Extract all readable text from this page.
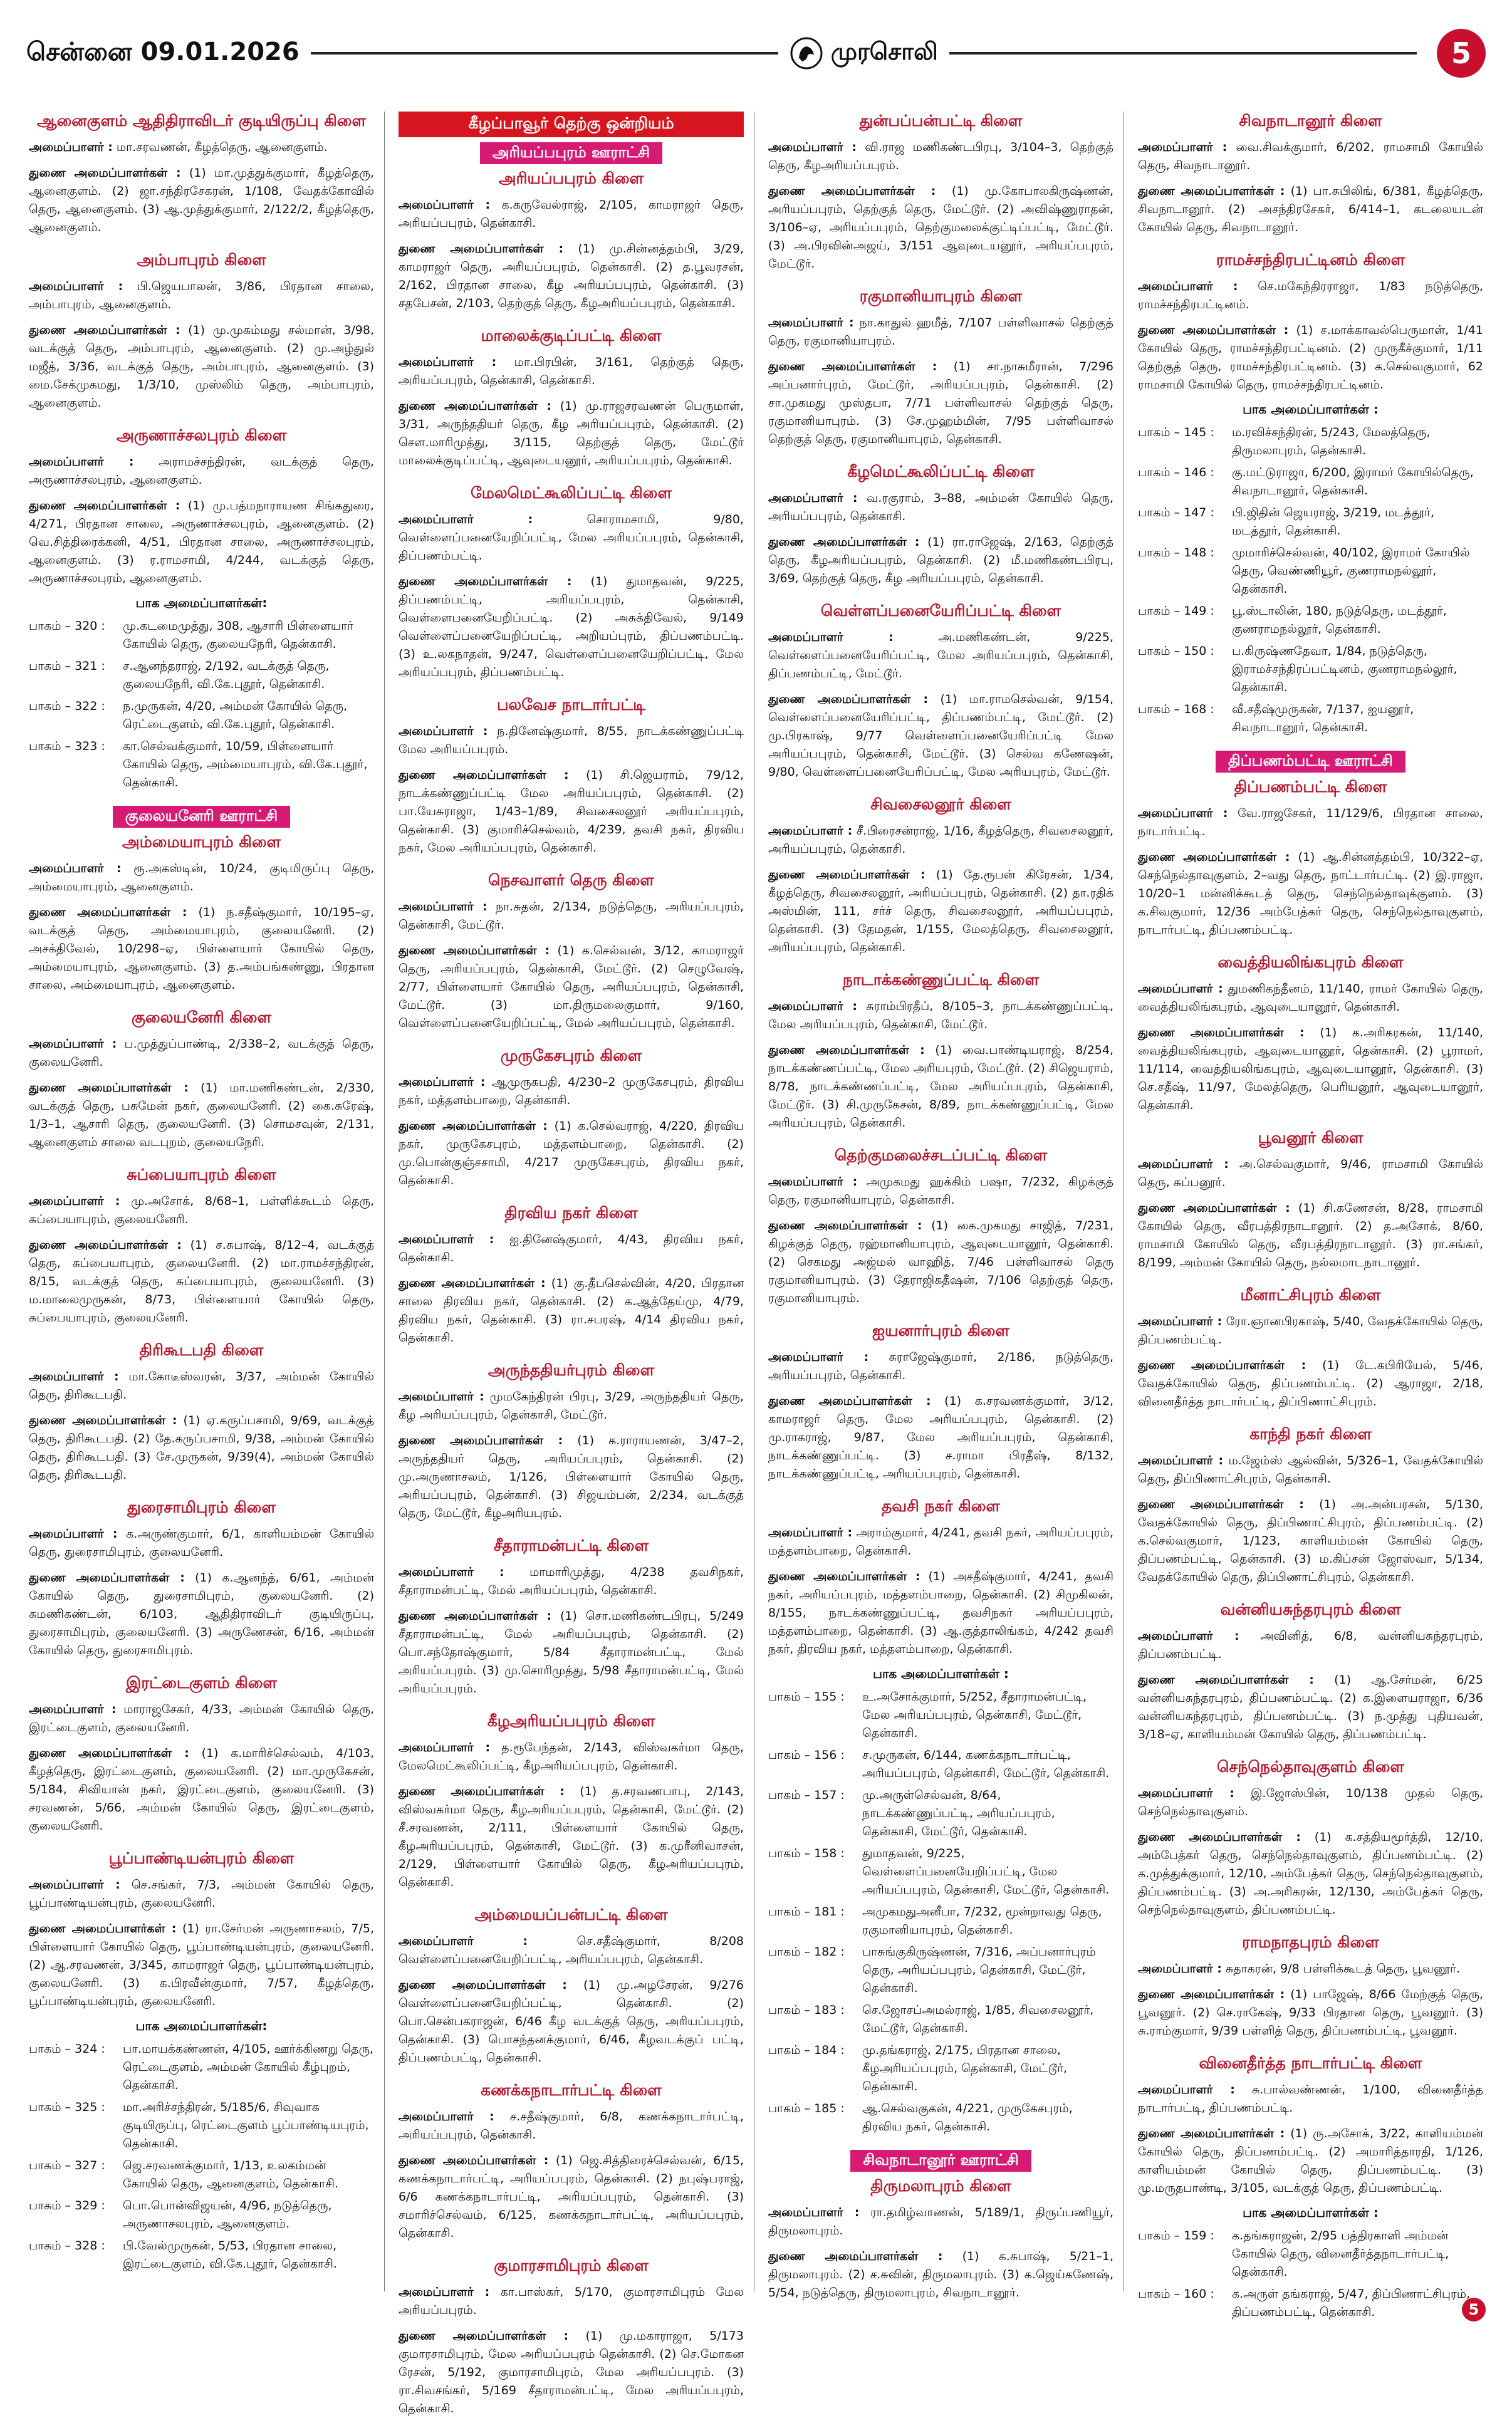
சென்னை 09.01.2026	முரசொலி	5
ஆனைகுளம் ஆதிதிராவிடர் குடியிருப்பு கிளை

அமைப்பாளர் : மா.சரவணன், கீழத்தெரு, ஆனைகுளம்.

துணை அமைப்பாளர்கள் : (1) மா.முத்துக்குமார், கீழத்தெரு, ஆனைகுளம். (2) ஜா.சந்திரசேகரன், 1/108, வேதக்கோவில் தெரு, ஆனைகுளம். (3) ஆ.முத்துக்குமார், 2/122/2, கீழத்தெரு, ஆனைகுளம்.

அம்பாபுரம் கிளை

அமைப்பாளர் : பி.ஜெயபாலன், 3/86, பிரதான சாலை, அம்பாபுரம், ஆனைகுளம்.

துணை அமைப்பாளர்கள் : (1) மு.முகம்மது சல்மான், 3/98, வடக்குத் தெரு, அம்பாபுரம், ஆனைகுளம். (2) மு.அழ்துல் மஜீத், 3/36, வடக்குத் தெரு, அம்பாபுரம், ஆனைகுளம். (3) மை.சேக்முகமது, 1/3/10, முஸ்லிம் தெரு, அம்பாபுரம், ஆனைகுளம்.

அருணாச்சலபுரம் கிளை

அமைப்பாளர் : அராமச்சந்திரன், வடக்குத் தெரு, அருணாச்சலபுரம், ஆனைகுளம்.

துணை அமைப்பாளர்கள் : (1) மு.பத்மநாராயண சிங்கதுரை, 4/271, பிரதான சாலை, அருணாச்சலபுரம், ஆனைகுளம். (2) வெ.சித்திரைக்கனி, 4/51, பிரதான சாலை, அருணாச்சலபுரம், ஆனைகுளம். (3) ர.ராமசாமி, 4/244, வடக்குத் தெரு, அருணாச்சலபுரம், ஆனைகுளம்.

பாக அமைப்பாளர்கள்:
பாகம் – 320 :	மு.கடமைமுத்து, 308, ஆசாரி பிள்ளையார் கோயில் தெரு, குலையநேரி, தென்காசி.
பாகம் – 321 :	ச.ஆனந்தராஜ், 2/192, வடக்குத் தெரு, குலையநேரி, வி.கே.புதூர், தென்காசி.
பாகம் – 322 :	ந.முருகன், 4/20, அம்மன் கோயில் தெரு, ரெட்டைகுளம், வி.கே.புதூர், தென்காசி.
பாகம் – 323 :	கா.செல்வக்குமார், 10/59, பிள்ளையார் கோயில் தெரு, அம்மையாபுரம், வி.கே.புதூர், தென்காசி.
குலையனேரி ஊராட்சி
அம்மையாபுரம் கிளை

அமைப்பாளர் : ரூ.அகஸ்டின், 10/24, குடிமிருப்பு தெரு, அம்மையாபுரம், ஆனைகுளம்.

துணை அமைப்பாளர்கள் : (1) ந.சதீஷ்குமார், 10/195–ஏ, வடக்குத் தெரு, அம்மையாபுரம், குலையனேரி. (2) அசக்திவேல், 10/298–ஏ, பிள்ளையார் கோயில் தெரு, அம்மையாபுரம், ஆனைகுளம். (3) த.அம்பங்கண்ணு, பிரதான சாலை, அம்மையாபுரம், ஆனைகுளம்.

குலையனேரி கிளை

அமைப்பாளர் : ப.முத்துப்பாண்டி, 2/338–2, வடக்குத் தெரு, குலையனேரி.

துணை அமைப்பாளர்கள் : (1) மா.மணிகண்டன், 2/330, வடக்குத் தெரு, பசுமேன் நகர், குலையனேரி. (2) கை.சுரேஷ், 1/3–1, ஆசாரி தெரு, குலையனேரி. (3) சொமசவுன், 2/131, ஆனைகுளம் சாலை வடபுறம், குலையநேரி.

சுப்பையாபுரம் கிளை

அமைப்பாளர் : மு.அசோக், 8/68–1, பள்ளிக்கூடம் தெரு, சுப்பையாபுரம், குலையனேரி.

துணை அமைப்பாளர்கள் : (1) ச.சுபாஷ், 8/12–4, வடக்குத் தெரு, சுப்பையாபுரம், குலையனேரி. (2) மா.ராமச்சந்திரன், 8/15, வடக்குத் தெரு, சுப்பையாபுரம், குலையனேரி. (3) ம.மாலைமுருகன், 8/73, பிள்ளையார் கோயில் தெரு, சுப்பையாபுரம், குலையனேரி.

திரிகூடபதி கிளை

அமைப்பாளர் : மா.கோடீஸ்வரன், 3/37, அம்மன் கோயில் தெரு, திரிகூடபதி.

துணை அமைப்பாளர்கள் : (1) ஏ.கருப்பசாமி, 9/69, வடக்குத் தெரு, திரிகூடபதி. (2) தே.கருப்பசாமி, 9/38, அம்மன் கோயில் தெரு, திரிகூடபதி. (3) சே.முருகன், 9/39(4), அம்மன் கோயில் தெரு, திரிகூடபதி.

துரைசாமிபுரம் கிளை

அமைப்பாளர் : க.அருண்குமார், 6/1, காளியம்மன் கோயில் தெரு, துரைசாமிபுரம், குலையனேரி.

துணை அமைப்பாளர்கள் : (1) க.ஆனந்த், 6/61, அம்மன் கோயில் தெரு, துரைசாமிபுரம், குலையனேரி. (2) சுமணிகண்டன், 6/103, ஆதிதிராவிடர் குடியிருப்பு, துரைசாமிபுரம், குலையனேரி. (3) அருணேசன், 6/16, அம்மன் கோயில் தெரு, துரைசாமிபுரம்.

இரட்டைகுளம் கிளை

அமைப்பாளர் : மாராஜசேகர், 4/33, அம்மன் கோயில் தெரு, இரட்டைகுளம், குலையனேரி.

துணை அமைப்பாளர்கள் : (1) க.மாரிச்செல்வம், 4/103, கீழத்தெரு, இரட்டைகுளம், குலையனேரி. (2) மா.முருகேசன், 5/184, சிவியான் நகர், இரட்டைகுளம், குலையனேரி. (3) சரவணன், 5/66, அம்மன் கோயில் தெரு, இரட்டைகுளம், குலையனேரி.

பூப்பாண்டியன்புரம் கிளை

அமைப்பாளர் : செ.சங்கர், 7/3, அம்மன் கோயில் தெரு, பூப்பாண்டியன்புரம், குலையனேரி.

துணை அமைப்பாளர்கள் : (1) ரா.சேர்மன் அருணாசலம், 7/5, பிள்ளையார் கோயில் தெரு, பூப்பாண்டியன்புரம், குலையனேரி. (2) ஆ.சரவணன், 3/345, காமராஜர் தெரு, பூப்பாண்டியன்புரம், குலையனேரி. (3) க.பிரவீன்குமார், 7/57, கீழத்தெரு, பூப்பாண்டியன்புரம், குலையனேரி.

பாக அமைப்பாளர்கள்:
பாகம் – 324 :	பா.மாயக்கண்ணன், 4/105, ஊர்க்கிணறு தெரு, ரெட்டைகுளம், அம்மன் கோயில் கீழ்புறம், தென்காசி.
பாகம் – 325 :	மா.அரிச்சந்திரன், 5/185/6, சிவுவாக குடியிருப்பு, ரெட்டைகுளம் பூப்பாண்டியபுரம், தென்காசி.
பாகம் – 327 :	ஜெ.சரவணக்குமார், 1/13, உலகம்மன் கோயில் தெரு, ஆனைகுளம், தென்காசி.
பாகம் – 329 :	பொ.பொன்விஜயன், 4/96, நடுத்தெரு, அருணாசலபுரம், ஆனைகுளம்.
பாகம் – 328 :	பி.வேல்முருகன், 5/53, பிரதான சாலை, இரட்டைகுளம், வி.கே.புதூர், தென்காசி.
கீழப்பாவூர் தெற்கு ஒன்றியம்
அரியப்பபுரம் ஊராட்சி
அரியப்பபுரம் கிளை

அமைப்பாளர் : க.கருவேல்ராஜ், 2/105, காமராஜர் தெரு, அரியப்பபுரம், தென்காசி.

துணை அமைப்பாளர்கள் : (1) மு.சின்னத்தம்பி, 3/29, காமராஜர் தெரு, அரியப்பபுரம், தென்காசி. (2) த.பூவரசன், 2/162, பிரதான சாலை, கீழ அரியப்பபுரம், தென்காசி. (3) சதபேசன், 2/103, தெற்குத் தெரு, கீழஅரியப்பபுரம், தென்காசி.

மாலைக்குடிப்பட்டி கிளை

அமைப்பாளர் : மா.பிரபின், 3/161, தெற்குத் தெரு, அரியப்பபுரம், தென்காசி, தென்காசி.

துணை அமைப்பாளர்கள் : (1) மு.ராஜசரவணன் பெருமாள், 3/31, அருந்ததியர் தெரு, கீழ அரியப்பபுரம், தென்காசி. (2) சௌ.மாரிமுத்து, 3/115, தெற்குத் தெரு, மேட்டூர் மாலைக்குடிப்பட்டி, ஆவுடையனூர், அரியப்பபுரம், தென்காசி.

மேலமெட்கூலிப்பட்டி கிளை

அமைப்பாளர் : சொராமசாமி, 9/80, வெள்ளைப்பனையேறிப்பட்டி, மேல அரியப்பபுரம், தென்காசி, திப்பணம்பட்டி.

துணை அமைப்பாளர்கள் : (1) துமாதவன், 9/225, திப்பணம்பட்டி, அரியப்பபுரம், தென்காசி, வெள்ளைபனையேறிப்பட்டி. (2) அசுக்திவேல், 9/149 வெள்ளைப்பனையேறிப்பட்டி, அறியப்புரம், திப்பணம்பட்டி. (3) உ.லகநாதன், 9/247, வெள்ளைப்பனையேறிப்பட்டி, மேல அரியப்பபுரம், திப்பணம்பட்டி.

பலவேச நாடார்பட்டி

அமைப்பாளர் : ந.தினேஷ்குமார், 8/55, நாடக்கண்ணுப்பட்டி மேல அரியப்பபுரம்.

துணை அமைப்பாளர்கள் : (1) சி.ஜெயராம், 79/12, நாடக்கண்ணுப்பட்டி மேல அரியப்பபுரம், தென்காசி. (2) பா.யேசுராஜா, 1/43–1/89, சிவசைலனூர் அரியப்பபுரம், தென்காசி. (3) குமாரிச்செல்வம், 4/239, தவசி நகர், திரவிய நகர், மேல அரியப்பபுரம், தென்காசி.

நெசவாளர் தெரு கிளை

அமைப்பாளர் : நா.சுதன், 2/134, நடுத்தெரு, அரியப்பபுரம், தென்காசி, மேட்டூர்.

துணை அமைப்பாளர்கள் : (1) க.செல்வன், 3/12, காமராஜர் தெரு, அரியப்பபுரம், தென்காசி, மேட்டூர். (2) செழுவேஷ், 2/77, பிள்ளையார் கோயில் தெரு, அரியப்பபுரம், தென்காசி, மேட்டூர். (3) மா.திருமலைகுமார், 9/160, வெள்ளைப்பனையேறிப்பட்டி, மேல் அரியப்பபுரம், தென்காசி.

முருகேசபுரம் கிளை

அமைப்பாளர் : ஆமுருகபதி, 4/230–2 முருகேசபுரம், திரவிய நகர், மத்தளம்பாறை, தென்காசி.

துணை அமைப்பாளர்கள் : (1) க.செல்வராஜ், 4/220, திரவிய நகர், முருகேசபுரம், மத்தளம்பாறை, தென்காசி. (2) மு.பொன்குஞ்சசாமி, 4/217 முருகேசபுரம், திரவிய நகர், தென்காசி.

திரவிய நகர் கிளை

அமைப்பாளர் : ஐ.தினேஷ்குமார், 4/43, திரவிய நகர், தென்காசி.

துணை அமைப்பாளர்கள் : (1) கு.தீபசெல்வின், 4/20, பிரதான சாலை திரவிய நகர், தென்காசி. (2) க.ஆத்தேய்மு, 4/79, திரவிய நகர், தென்காசி. (3) ரா.சபரஷ், 4/14 திரவிய நகர், தென்காசி.

அருந்ததியர்புரம் கிளை

அமைப்பாளர் : முமகேந்திரன் பிரபு, 3/29, அருந்ததியர் தெரு, கீழ அரியப்பபுரம், தென்காசி, மேட்டூர்.

துணை அமைப்பாளர்கள் : (1) க.ராராயணன், 3/47–2, அருந்ததியர் தெரு, அரியப்பபுரம், தென்காசி. (2) மு.அருணாசலம், 1/126, பிள்ளையார் கோயில் தெரு, அரியப்பபுரம், தென்காசி. (3) சிஜயம்பன், 2/234, வடக்குத் தெரு, மேட்டூர், கீழஅரியபுரம்.

சீதாராமன்பட்டி கிளை

அமைப்பாளர் : மாமாரிமுத்து, 4/238 தவசிநகர், சீதாராமன்பட்டி, மேல் அரியப்பபுரம், தென்காசி.

துணை அமைப்பாளர்கள் : (1) சொ.மணிகண்டபிரபு, 5/249 சீதாராமன்பட்டி, மேல் அரியப்பபுரம், தென்காசி. (2) பொ.சந்தோஷ்குமார், 5/84 சீதாராமன்பட்டி, மேல் அரியப்பபுரம். (3) மு.சொரிமுத்து, 5/98 சீதாராமன்பட்டி, மேல் அரியப்பபுரம்.

கீழஅரியப்பபுரம் கிளை

அமைப்பாளர் : த.ரூபேந்தன், 2/143, விஸ்வகர்மா தெரு, மேலமெட்கூலிப்பட்டி, கீழஅரியப்பபுரம், தென்காசி.

துணை அமைப்பாளர்கள் : (1) த.சரவணபாபு, 2/143, விஸ்வகர்மா தெரு, கீழஅரியப்பபுரம், தென்காசி, மேட்டூர். (2) சீ.சரவணன், 2/111, பிள்ளையார் கோயில் தெரு, கீழஅரியப்பபுரம், தென்காசி, மேட்டூர். (3) க.முரீனிவாசன், 2/129, பிள்ளையார் கோயில் தெரு, கீழஅரியப்பபுரம், தென்காசி.

அம்மையப்பன்பட்டி கிளை

அமைப்பாளர் : செ.சதீஷ்குமார், 8/208 வெள்ளைப்பனையேறிப்பட்டி, அரியப்பபுரம், தென்காசி.

துணை அமைப்பாளர்கள் : (1) மு.அழசேரன், 9/276 வெள்ளைப்பனையேறிப்பட்டி, தென்காசி. (2) பொ.சென்பகராஜன், 6/46 கீழ வடக்குத் தெரு, அரியப்பபுரம், தென்காசி. (3) பொசந்தனக்குமார், 6/46, கீழவடக்குப் பட்டி, திப்பணம்பட்டி, தென்காசி.

கணக்கநாடார்பட்டி கிளை

அமைப்பாளர் : ச.சதீஷ்குமார், 6/8, கணக்கநாடார்பட்டி, அரியப்பபுரம், தென்காசி.

துணை அமைப்பாளர்கள் : (1) ஜெ.சித்திரைச்செல்வன், 6/15, கணக்கநாடார்பட்டி, அரியப்பபுரம், தென்காசி. (2) நபுஷ்பராஜ், 6/6 கணக்கநாடார்பட்டி, அரியப்பபுரம், தென்காசி. (3) சமாரிச்செல்வம், 6/125, கணக்கநாடார்பட்டி, அரியப்பபுரம், தென்காசி.

குமாரசாமிபுரம் கிளை

அமைப்பாளர் : கா.பாஸ்கர், 5/170, குமாரசாமிபுரம் மேல அரியப்பபுரம்.

துணை அமைப்பாளர்கள் : (1) மு.மகாராஜா, 5/173 குமாரசாமிபுரம், மேல அரியப்பபுரம் தென்காசி. (2) செ.மோகன ரேசன், 5/192, குமாரசாமிபுரம், மேல அரியப்பபுரம். (3) ரா.சிவசங்கர், 5/169 சீதாராமன்பட்டி, மேல அரியப்பபுரம், தென்காசி.

துன்பப்பன்பட்டி கிளை

அமைப்பாளர் : வி.ராஜ மணிகண்டபிரபு, 3/104–3, தெற்குத் தெரு, கீழஅரியப்பபுரம்.

துணை அமைப்பாளர்கள் : (1) மு.கோபாலகிருஷ்ணன், அரியப்பபுரம், தெற்குத் தெரு, மேட்டூர். (2) அவிஷ்ணுராதன், 3/106–ஏ, அரியப்பபுரம், தெற்குமலைக்குட்டிப்பட்டி, மேட்டூர். (3) அ.பிரவின்அஜய், 3/151 ஆவுடையனூர், அரியப்பபுரம், மேட்டூர்.

ரகுமானியாபுரம் கிளை

அமைப்பாளர் : நா.காதுல் ஹமீத், 7/107 பள்ளிவாசல் தெற்குத் தெரு, ரகுமானியாபுரம்.

துணை அமைப்பாளர்கள் : (1) சா.நாசுமீரான், 7/296 அப்பனார்புரம், மேட்டூர், அரியப்பபுரம், தென்காசி. (2) சா.முகமது முஸ்தபா, 7/71 பள்ளிவாசல் தெற்குத் தெரு, ரகுமானியாபுரம். (3) சே.முஹம்மின், 7/95 பள்ளிவாசல் தெற்குத் தெரு, ரகுமானியாபுரம், தென்காசி.

கீழமெட்கூலிப்பட்டி கிளை

அமைப்பாளர் : வ.ரகுராம், 3–88, அம்மன் கோயில் தெரு, அரியப்பபுரம், தென்காசி.

துணை அமைப்பாளர்கள் : (1) ரா.ராஜேஷ், 2/163, தெற்குத் தெரு, கீழஅரியப்பபுரம், தென்காசி. (2) மீ.மணிகண்டபிரபு, 3/69, தெற்குத் தெரு, கீழ அரியப்பபுரம், தென்காசி.

வெள்ளப்பனையேரிப்பட்டி கிளை

அமைப்பாளர் : அ.மணிகண்டன், 9/225, வெள்ளைப்பனையேரிப்பட்டி, மேல அரியப்பபுரம், தென்காசி, திப்பணம்பட்டி, மேட்டூர்.

துணை அமைப்பாளர்கள் : (1) மா.ராமசெல்வன், 9/154, வெள்ளைப்பனையேரிப்பட்டி, திப்பணம்பட்டி, மேட்டூர். (2) மு.பிரகாஷ், 9/77 வெள்ளைப்பனையேரிப்பட்டி மேல அரியப்பபுரம், தென்காசி, மேட்டூர். (3) செல்வ கணேஷன், 9/80, வெள்ளைப்பனையேரிப்பட்டி, மேல அரியபுரம், மேட்டூர்.

சிவசைலனூர் கிளை

அமைப்பாளர் : சீ.பிரைசன்ராஜ், 1/16, கீழத்தெரு, சிவசைலனூர், அரியப்பபுரம், தென்காசி.

துணை அமைப்பாளர்கள் : (1) தே.ரூபன் கிரேசன், 1/34, கீழத்தெரு, சிவசைலனூர், அரியப்பபுரம், தென்காசி. (2) தா.ரதிக் அஸ்மின், 111, சர்ச் தெரு, சிவசைலனூர், அரியப்பபுரம், தென்காசி. (3) தேமதன், 1/155, மேலத்தெரு, சிவசைலனூர், அரியப்பபுரம், தென்காசி.

நாடாக்கண்ணுப்பட்டி கிளை

அமைப்பாளர் : சுராம்பிரதீப், 8/105–3, நாடக்கண்ணுப்பட்டி, மேல அரியப்பபுரம், தென்காசி, மேட்டூர்.

துணை அமைப்பாளர்கள் : (1) வை.பாண்டியராஜ், 8/254, நாடக்கண்ணப்பட்டி, மேல அரியபுரம், மேட்டூர். (2) சிஜெயராம், 8/78, நாடக்கண்ணப்பட்டி, மேல அரியப்பபுரம், தென்காசி, மேட்டூர். (3) சி.முருகேசன், 8/89, நாடக்கண்ணுப்பட்டி, மேல அரியப்பபுரம், தென்காசி.

தெற்குமலைச்சடப்பட்டி கிளை

அமைப்பாளர் : அமுகமது ஹக்கிம் பஷா, 7/232, கிழக்குத் தெரு, ரகுமானியாபுரம், தென்காசி.

துணை அமைப்பாளர்கள் : (1) கை.முகமது சாஜித், 7/231, கிழக்குத் தெரு, ரஹ்மானியாபுரம், ஆவுடையானூர், தென்காசி. (2) செகமது அஜ்மல் வாஹித், 7/46 பள்ளிவாசல் தெரு ரகுமானியாபுரம். (3) தேராஜிகதீஷன், 7/106 தெற்குத் தெரு, ரகுமானியாபுரம்.

ஐயனார்புரம் கிளை

அமைப்பாளர் : சுராஜேஷ்குமார், 2/186, நடுத்தெரு, அரியப்பபுரம், தென்காசி.

துணை அமைப்பாளர்கள் : (1) க.சரவணக்குமார், 3/12, காமராஜர் தெரு, மேல அரியப்பபுரம், தென்காசி. (2) மு.ராகராஜ், 9/87, மேல அரியப்பபுரம், தென்காசி, நாடக்கண்ணுப்பட்டி. (3) ச.ராமா பிரதீஷ், 8/132, நாடக்கண்ணுப்பட்டி, அரியப்பபுரம், தென்காசி.

தவசி நகர் கிளை

அமைப்பாளர் : அராம்குமார், 4/241, தவசி நகர், அரியப்பபுரம், மத்தளம்பாறை, தென்காசி.

துணை அமைப்பாளர்கள் : (1) அசதீஷ்குமார், 4/241, தவசி நகர், அரியப்பபுரம், மத்தளம்பாறை, தென்காசி. (2) சிமுகிலன், 8/155, நாடக்கண்ணுப்பட்டி, தவசிநகர் அரியப்பபுரம், மத்தளம்பாறை, தென்காசி. (3) ஆ.குத்தாலிங்கம், 4/242 தவசி நகர், திரவிய நகர், மத்தளம்பாறை, தென்காசி.

பாக அமைப்பாளர்கள் :
பாகம் – 155 :	உ.அசோக்குமார், 5/252, சீதாராமன்பட்டி, மேல அரியப்பபுரம், தென்காசி, மேட்டூர், தென்காசி.
பாகம் – 156 :	ச.முருகன், 6/144, கணக்கநாடார்பட்டி, அரியப்பபுரம், தென்காசி, மேட்டூர், தென்காசி.
பாகம் – 157 :	மு.அருள்செல்வன், 8/64, நாடக்கண்ணுப்பட்டி, அரியப்பபுரம், தென்காசி, மேட்டூர், தென்காசி.
பாகம் – 158 :	துமாதவன், 9/225, வெள்ளைப்பனையேறிப்பட்டி, மேல அரியப்பபுரம், தென்காசி, மேட்டூர், தென்காசி.
பாகம் – 181 :	அமுகமதுஅனீபா, 7/232, மூன்றாவது தெரு, ரகுமானியாபுரம், தென்காசி.
பாகம் – 182 :	பாசுங்குகிருஷ்ணன், 7/316, அப்பனார்புரம் தெரு, அரியப்பபுரம், தென்காசி, மேட்டூர், தென்காசி.
பாகம் – 183 :	செ.ஜோசப்அமல்ராஜ், 1/85, சிவசைலனூர், மேட்டூர், தென்காசி.
பாகம் – 184 :	மு.தங்கராஜ், 2/175, பிரதான சாலை, கீழஅரியப்பபுரம், தென்காசி, மேட்டூர், தென்காசி.
பாகம் – 185 :	ஆ.செல்வகுகன், 4/221, முருகேசபுரம், திரவிய நகர், தென்காசி.
சிவநாடானூர் ஊராட்சி
திருமலாபுரம் கிளை

அமைப்பாளர் : ரா.தமிழ்வாணன், 5/189/1, திருப்பணியூர், திருமலாபுரம்.

துணை அமைப்பாளர்கள் : (1) க.சுபாஷ், 5/21–1, திருமலாபுரம். (2) ச.சுவின், திருமலாபுரம். (3) க.ஜெய்கணேஷ், 5/54, நடுத்தெரு, திருமலாபுரம், சிவநாடானூர்.

சிவநாடானூர் கிளை

அமைப்பாளர் : வை.சிவக்குமார், 6/202, ராமசாமி கோயில் தெரு, சிவநாடானூர்.

துணை அமைப்பாளர்கள் : (1) பா.சுபிலிங், 6/381, கீழத்தெரு, சிவநாடானூர். (2) அசந்திரசேகர், 6/414–1, கடலையடன் கோயில் தெரு, சிவநாடானூர்.

ராமச்சந்திரபட்டினம் கிளை

அமைப்பாளர் : செ.மகேந்திரராஜா, 1/83 நடுத்தெரு, ராமச்சந்திரபட்டினம்.

துணை அமைப்பாளர்கள் : (1) ச.மாக்காவல்பெருமாள், 1/41 கோயில் தெரு, ராமச்சந்திரபட்டினம். (2) முருகீச்குமார், 1/11 தெற்குத் தெரு, ராமச்சந்திரபட்டினம். (3) க.செல்வகுமார், 62 ராமசாமி கோயில் தெரு, ராமச்சந்திரபட்டினம்.

பாக அமைப்பாளர்கள் :
பாகம் – 145 :	ம.ரவிச்சந்திரன், 5/243, மேலத்தெரு, திருமலாபுரம், தென்காசி.
பாகம் – 146 :	கு.மட்டுராஜா, 6/200, இராமர் கோயில்தெரு, சிவநாடானூர், தென்காசி.
பாகம் – 147 :	பி.ஜிதின் ஜெயராஜ், 3/219, மடத்தூர், மடத்தூர், தென்காசி.
பாகம் – 148 :	முமாரிச்செல்வன், 40/102, இராமர் கோயில் தெரு, வெண்ணியூர், குணராமநல்லூர், தென்காசி.
பாகம் – 149 :	பூ.ஸ்டாலின், 180, நடுத்தெரு, மடத்தூர், குணராமநல்லூர், தென்காசி.
பாகம் – 150 :	ப.கிருஷ்ணதேவா, 1/84, நடுத்தெரு, இராமச்சந்திரப்பட்டினம், குணராமநல்லூர், தென்காசி.
பாகம் – 168 :	வீ.சதீஷ்முருகன், 7/137, ஐயனூர், சிவநாடானூர், தென்காசி.
திப்பணம்பட்டி ஊராட்சி
திப்பணம்பட்டி கிளை

அமைப்பாளர் : வே.ராஜசேகர், 11/129/6, பிரதான சாலை, நாடார்பட்டி.

துணை அமைப்பாளர்கள் : (1) ஆ.சின்னத்தம்பி, 10/322–ஏ, செந்நெல்தாவுகுளம், 2–வது தெரு, நாட்டார்பட்டி. (2) இ.ராஜா, 10/20–1 மன்னிக்கூடத் தெரு, செந்நெல்தாவுக்குளம். (3) க.சிவகுமார், 12/36 அம்பேத்கர் தெரு, செந்நெல்தாவுகுளம், நாடார்பட்டி, திப்பணம்பட்டி.

வைத்தியலிங்கபுரம் கிளை

அமைப்பாளர் : துமணிகந்தீனம், 11/140, ராமர் கோயில் தெரு, வைத்தியலிங்கபுரம், ஆவுடையானூர், தென்காசி.

துணை அமைப்பாளர்கள் : (1) க.அரிகரகன், 11/140, வைத்தியலிங்கபுரம், ஆவுடையானூர், தென்காசி. (2) பூராமர், 11/114, வைத்தியலிங்கபுரம், ஆவுடையானூர், தென்காசி. (3) செ.சதீஷ், 11/97, மேலத்தெரு, பெரியனூர், ஆவுடையானூர், தென்காசி.

பூவனூர் கிளை

அமைப்பாளர் : அ.செல்வகுமார், 9/46, ராமசாமி கோயில் தெரு, சுப்பனூர்.

துணை அமைப்பாளர்கள் : (1) சி.கணேசன், 8/28, ராமசாமி கோயில் தெரு, வீரபத்திரநாடானூர். (2) த.அசோக், 8/60, ராமசாமி கோயில் தெரு, வீரபத்திரநாடானூர். (3) ரா.சங்கர், 8/199, அம்மன் கோயில் தெரு, நல்லமாடநாடானூர்.

மீனாட்சிபுரம் கிளை

அமைப்பாளர் : ரோ.ஞானபிரகாஷ், 5/40, வேதக்கோயில் தெரு, திப்பணம்பட்டி.

துணை அமைப்பாளர்கள் : (1) டே.கபிரியேல், 5/46, வேதக்கோயில் தெரு, திப்பணம்பட்டி. (2) ஆராஜா, 2/18, வினைதீர்த்த நாடார்பட்டி, திப்பிணாட்சிபுரம்.

காந்தி நகர் கிளை

அமைப்பாளர் : ம.ஜேம்ஸ் ஆல்வின், 5/326–1, வேதக்கோயில் தெரு, திப்பிணாட்சிபுரம், தென்காசி.

துணை அமைப்பாளர்கள் : (1) அ.அன்பரசன், 5/130, வேதக்கோயில் தெரு, திப்பிணாட்சிபுரம், திப்பணம்பட்டி. (2) க.செல்வகுமார், 1/123, காளியம்மன் கோயில் தெரு, திப்பணம்பட்டி, தென்காசி. (3) ம.கிப்சன் ஜோஸ்வா, 5/134, வேதக்கோயில் தெரு, திப்பிணாட்சிபுரம், தென்காசி.

வன்னியசுந்தரபுரம் கிளை

அமைப்பாளர் : அவினித், 6/8, வன்னியசுந்தரபுரம், திப்பணம்பட்டி.

துணை அமைப்பாளர்கள் : (1) ஆ.சேர்மன், 6/25 வன்னியசுந்தரபுரம், திப்பணம்பட்டி. (2) க.இளையராஜா, 6/36 வன்னியசுந்தரபுரம், திப்பணம்பட்டி. (3) ந.முத்து புதியவன், 3/18–ஏ, காளியம்மன் கோயில் தெரு, திப்பணம்பட்டி.

செந்நெல்தாவுகுளம் கிளை

அமைப்பாளர் : இ.ஜோஸ்பின், 10/138 முதல் தெரு, செந்நெல்தாவுகுளம்.

துணை அமைப்பாளர்கள் : (1) க.சத்தியமூர்த்தி, 12/10, அம்பேத்கர் தெரு, செந்நெல்தாவுகுளம், திப்பணம்பட்டி. (2) க.முத்துக்குமார், 12/10, அம்பேத்கர் தெரு, செந்நெல்தாவுகுளம், திப்பணம்பட்டி. (3) அ.அரிகரன், 12/130, அம்பேத்கர் தெரு, செந்நெல்தாவுகுளம், திப்பணம்பட்டி.

ராமநாதபுரம் கிளை

அமைப்பாளர் : சுதாகரன், 9/8 பள்ளிக்கூடத் தெரு, பூவனூர்.

துணை அமைப்பாளர்கள் : (1) பாஜேஷ், 8/66 மேற்குத் தெரு, பூவனூர். (2) செ.ராகேஷ், 9/33 பிரதான தெரு, பூவனூர். (3) சு.ராம்குமார், 9/39 பள்ளித் தெரு, திப்பணம்பட்டி, பூவனூர்.

வினைதீர்த்த நாடார்பட்டி கிளை

அமைப்பாளர் : சு.பால்வண்ணன், 1/100, வினைதீர்த்த நாடார்பட்டி, திப்பணம்பட்டி.

துணை அமைப்பாளர்கள் : (1) ரு.அசோக், 3/22, காளியம்மன் கோயில் தெரு, திப்பணம்பட்டி. (2) அமாரித்தாரதி, 1/126, காளியம்மன் கோயில் தெரு, திப்பணம்பட்டி. (3) மு.மருதபாண்டி, 3/105, வடக்குத் தெரு, திப்பணம்பட்டி.

பாக அமைப்பாளர்கள் :
பாகம் – 159 :	க.தங்கராஜன், 2/95 பத்திரகாளி அம்மன் கோயில் தெரு, வினைதீர்த்தநாடார்பட்டி, தென்காசி.
பாகம் – 160 :	க.அருள் தங்கராஜ், 5/47, திப்பிணாட்சிபுரம், திப்பணம்பட்டி, தென்காசி.	5
